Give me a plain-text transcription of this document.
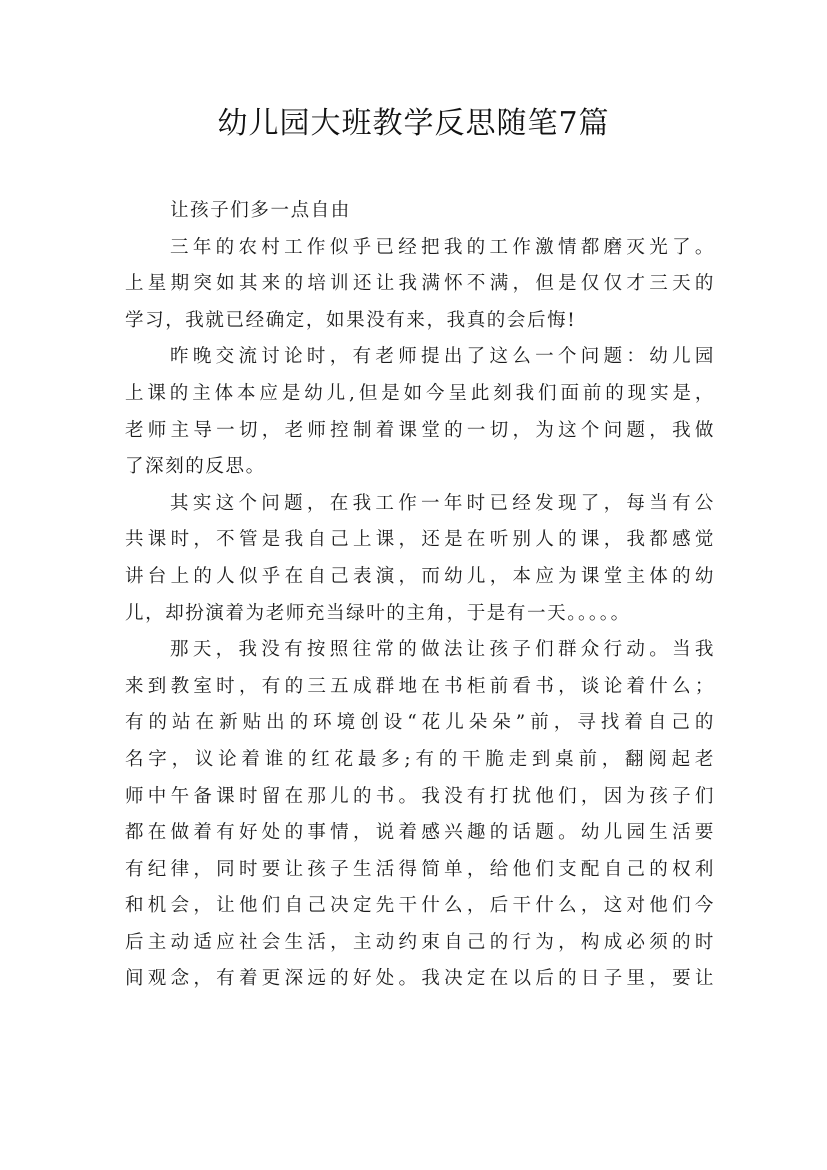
幼儿园大班教学反思随笔7篇
让孩子们多一点自由
三年的农村工作似乎已经把我的工作激情都磨灭光了。
上星期突如其来的培训还让我满怀不满，但是仅仅才三天的
学习，我就已经确定，如果没有来，我真的会后悔!
昨晚交流讨论时，有老师提出了这么一个问题：幼儿园
上课的主体本应是幼儿,但是如今呈此刻我们面前的现实是，
老师主导一切，老师控制着课堂的一切，为这个问题，我做
了深刻的反思。
其实这个问题，在我工作一年时已经发现了，每当有公
共课时，不管是我自己上课，还是在听别人的课，我都感觉
讲台上的人似乎在自己表演，而幼儿，本应为课堂主体的幼
儿，却扮演着为老师充当绿叶的主角，于是有一天。。。。。
那天，我没有按照往常的做法让孩子们群众行动。当我
来到教室时，有的三五成群地在书柜前看书，谈论着什么；
有的站在新贴出的环境创设“花儿朵朵”前，寻找着自己的
名字，议论着谁的红花最多;有的干脆走到桌前，翻阅起老
师中午备课时留在那儿的书。我没有打扰他们，因为孩子们
都在做着有好处的事情，说着感兴趣的话题。幼儿园生活要
有纪律，同时要让孩子生活得简单，给他们支配自己的权利
和机会，让他们自己决定先干什么，后干什么，这对他们今
后主动适应社会生活，主动约束自己的行为，构成必须的时
间观念，有着更深远的好处。我决定在以后的日子里，要让
